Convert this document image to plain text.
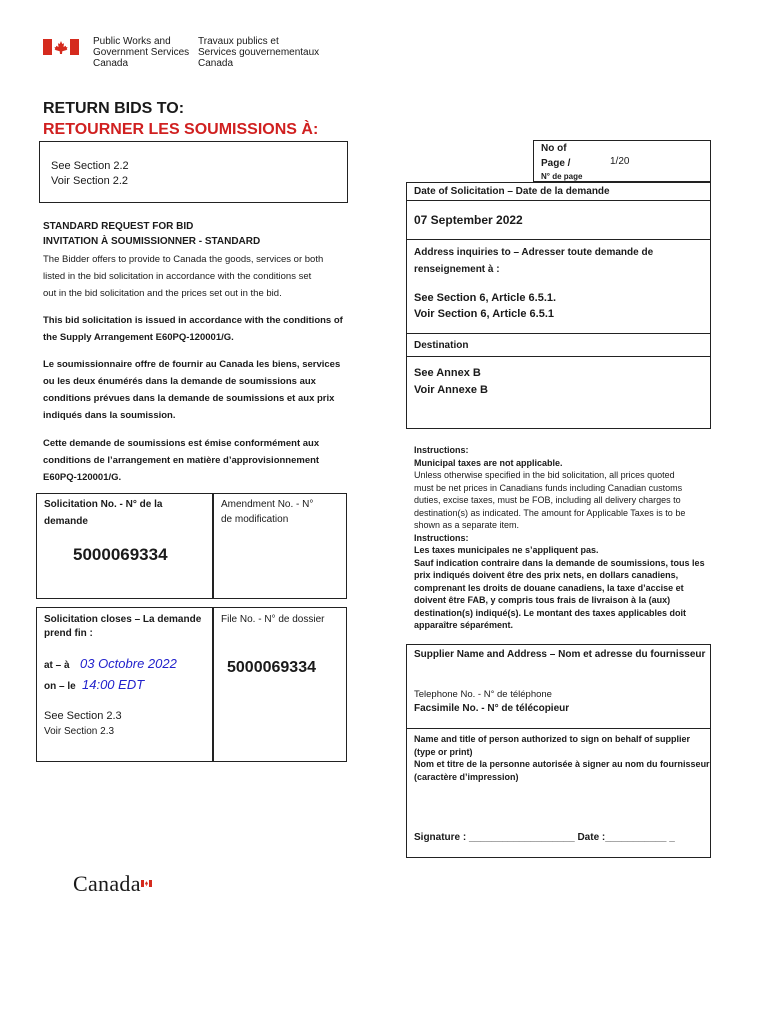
Public Works and
Government Services
Canada
Travaux publics et
Services gouvernementaux
Canada
RETURN BIDS TO:
RETOURNER LES SOUMISSIONS À:
See Section 2.2
Voir Section 2.2
No of
Page /
N° de page
1/20
Date of Solicitation – Date de la demande
07 September 2022
Address inquiries to – Adresser toute demande de
renseignement à :
See Section 6, Article 6.5.1.
Voir Section 6, Article 6.5.1
Destination
See Annex B
Voir Annexe B
STANDARD REQUEST FOR BID
INVITATION À SOUMISSIONNER - STANDARD
The Bidder offers to provide to Canada the goods, services or both
listed in the bid solicitation in accordance with the conditions set
out in the bid solicitation and the prices set out in the bid.
This bid solicitation is issued in accordance with the conditions of
the Supply Arrangement E60PQ-120001/G.
Le soumissionnaire offre de fournir au Canada les biens, services
ou les deux énumérés dans la demande de soumissions aux
conditions prévues dans la demande de soumissions et aux prix
indiqués dans la soumission.
Cette demande de soumissions est émise conformément aux
conditions de l’arrangement en matière d’approvisionnement
E60PQ-120001/G.
Solicitation No. - N° de la
demande
5000069334
Amendment No. - N°
de modification
Solicitation closes – La demande
prend fin :
at – à 03 Octobre 2022
on – le 14:00 EDT
See Section 2.3
Voir Section 2.3
File No. - N° de dossier
5000069334
Instructions:
Municipal taxes are not applicable.
Unless otherwise specified in the bid solicitation, all prices quoted
must be net prices in Canadians funds including Canadian customs
duties, excise taxes, must be FOB, including all delivery charges to
destination(s) as indicated. The amount for Applicable Taxes is to be
shown as a separate item.
Instructions:
Les taxes municipales ne s’appliquent pas.
Sauf indication contraire dans la demande de soumissions, tous les
prix indiqués doivent être des prix nets, en dollars canadiens,
comprenant les droits de douane canadiens, la taxe d’accise et
doivent être FAB, y compris tous frais de livraison à la (aux)
destination(s) indiqué(s). Le montant des taxes applicables doit
apparaître séparément.
Supplier Name and Address – Nom et adresse du fournisseur
Telephone No. - N° de téléphone
Facsimile No. - N° de télécopieur
Name and title of person authorized to sign on behalf of supplier
(type or print)
Nom et titre de la personne autorisée à signer au nom du fournisseur
(caractère d’impression)
Signature : ___________________ Date :___________ _
Canada
